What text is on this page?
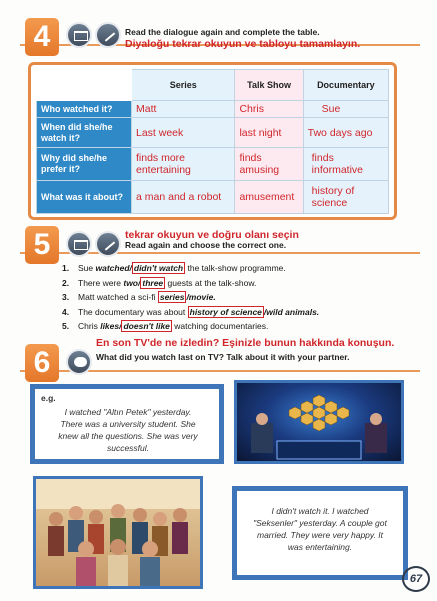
4	Read the dialogue again and complete the table.
Diyaloğu tekrar okuyun ve tabloyu tamamlayın.
	Series	Talk Show	Documentary
Who watched it?	Matt	Chris	Sue

When did she/he watch it?	Last week	last night	Two days ago

Why did she/he prefer it?	finds more entertaining	finds amusing	finds informative

What was it about?	a man and a robot	amusement	history of science
5	tekrar okuyun ve doğru olanı seçin
Read again and choose the correct one.
1. Sue watched/ didn't watch the talk-show programme.
2. There were two/ three guests at the talk-show.
3. Matt watched a sci-fi series /movie.
4. The documentary was about history of science /wild animals.
5. Chris likes/ doesn't like watching documentaries.
6
En son TV'de ne izledin? Eşinizle bunun hakkında konuşun.
What did you watch last on TV? Talk about it with your partner.
e.g.
I watched "Altın Petek" yesterday. There was a university student. She knew all the questions. She was very successful.
I didn't watch it. I watched "Seksenler" yesterday. A couple got married. They were very happy. It was entertaining.
67
